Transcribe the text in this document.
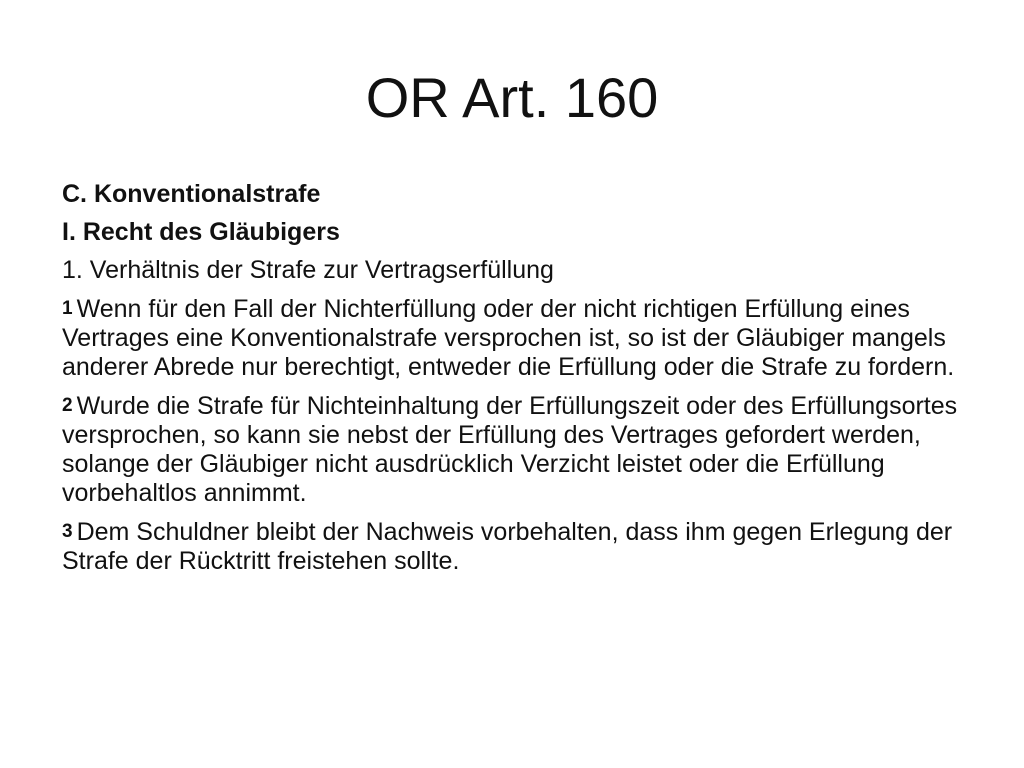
OR Art. 160
C. Konventionalstrafe
I. Recht des Gläubigers
1. Verhältnis der Strafe zur Vertragserfüllung
1 Wenn für den Fall der Nichterfüllung oder der nicht richtigen Erfüllung eines Vertrages eine Konventionalstrafe versprochen ist, so ist der Gläubiger mangels anderer Abrede nur berechtigt, entweder die Erfüllung oder die Strafe zu fordern.
2 Wurde die Strafe für Nichteinhaltung der Erfüllungszeit oder des Erfüllungsortes versprochen, so kann sie nebst der Erfüllung des Vertrages gefordert werden, solange der Gläubiger nicht ausdrücklich Verzicht leistet oder die Erfüllung vorbehaltlos annimmt.
3 Dem Schuldner bleibt der Nachweis vorbehalten, dass ihm gegen Erlegung der Strafe der Rücktritt freistehen sollte.
